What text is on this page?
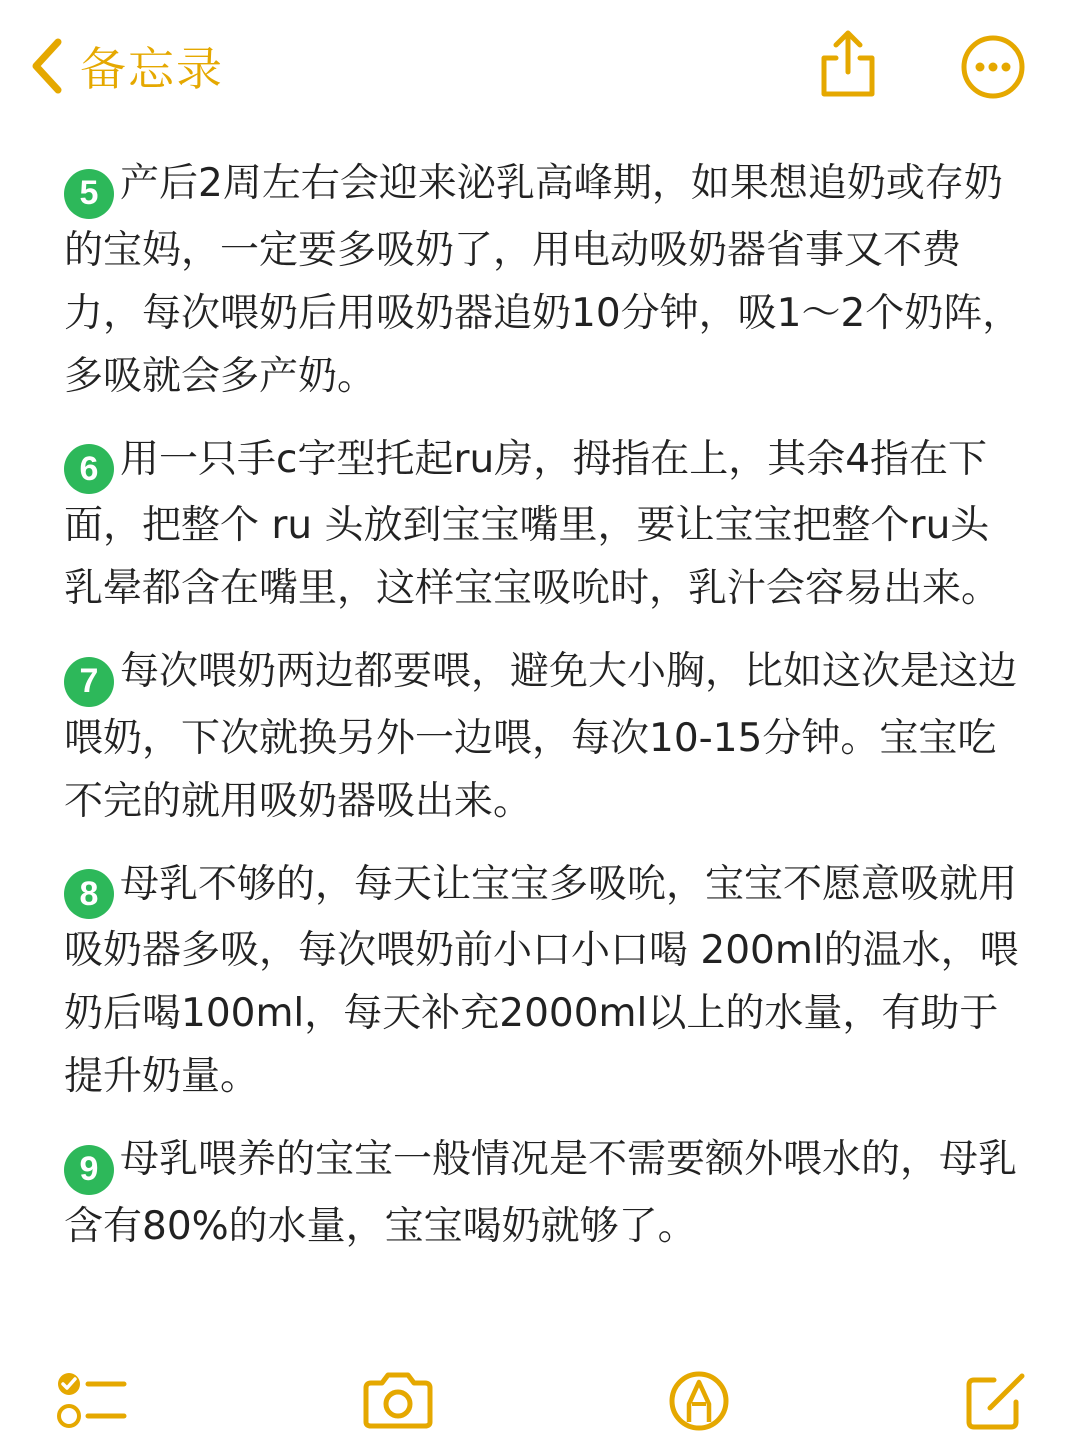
备忘录

5 产后2周左右会迎来泌乳高峰期，如果想追奶或存奶的宝妈，一定要多吸奶了，用电动吸奶器省事又不费力，每次喂奶后用吸奶器追奶10分钟，吸1～2个奶阵，多吸就会多产奶。

6 用一只手c字型托起ru房，拇指在上，其余4指在下面，把整个 ru 头放到宝宝嘴里，要让宝宝把整个ru头乳晕都含在嘴里，这样宝宝吸吮时，乳汁会容易出来。

7 每次喂奶两边都要喂，避免大小胸，比如这次是这边喂奶，下次就换另外一边喂，每次10-15分钟。宝宝吃不完的就用吸奶器吸出来。

8 母乳不够的，每天让宝宝多吸吮，宝宝不愿意吸就用吸奶器多吸，每次喂奶前小口小口喝 200ml的温水，喂奶后喝100ml，每天补充2000ml以上的水量，有助于提升奶量。

9 母乳喂养的宝宝一般情况是不需要额外喂水的，母乳含有80%的水量，宝宝喝奶就够了。
